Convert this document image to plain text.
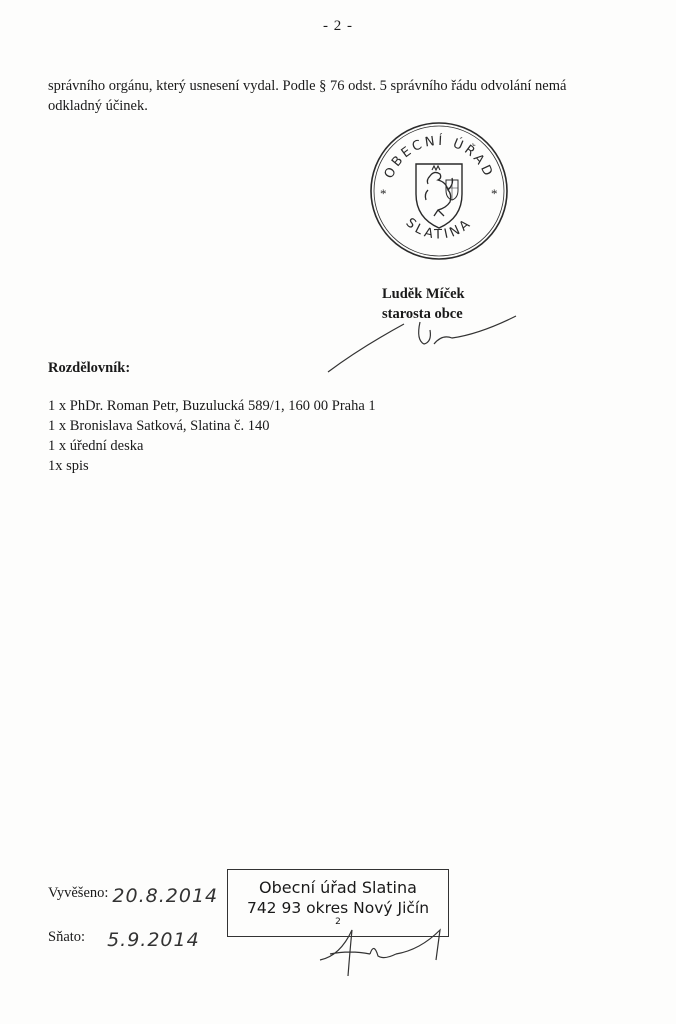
- 2 -
správního orgánu, který usnesení vydal. Podle § 76 odst. 5 správního řádu odvolání nemá
odkladný účinek.
OBECNÍ ÚŘAD
SLATINA
*	*
Luděk Míček
starosta obce
Rozdělovník:
1 x PhDr. Roman Petr, Buzulucká 589/1, 160 00 Praha 1
1 x Bronislava Satková, Slatina č. 140
1 x úřední deska
1x spis
Vyvěšeno: 20.8.2014
Sňato: 5.9.2014
Obecní úřad Slatina
742 93 okres Nový Jičín
2
